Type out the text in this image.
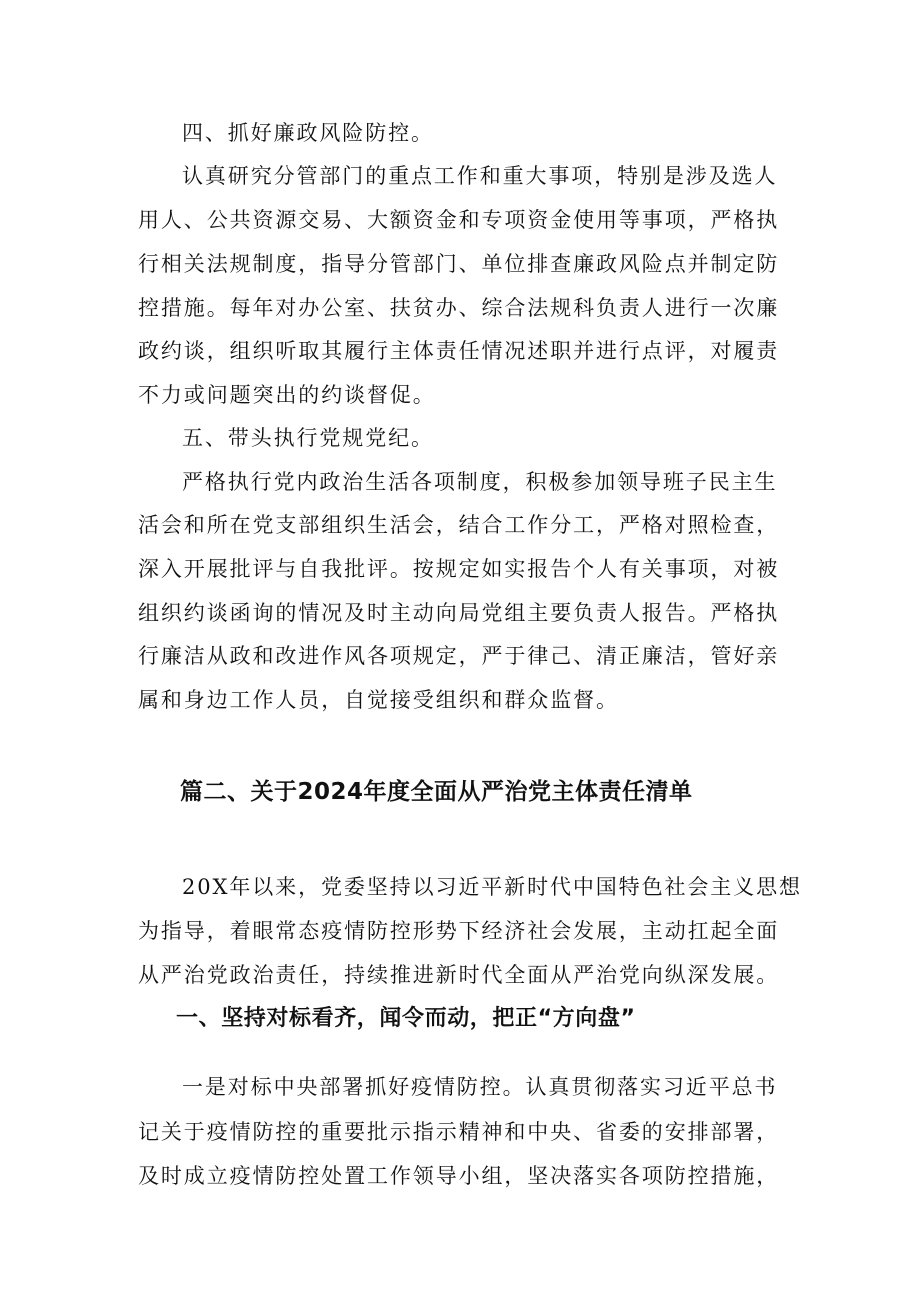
四、抓好廉政风险防控。
认真研究分管部门的重点工作和重大事项，特别是涉及选人
用人、公共资源交易、大额资金和专项资金使用等事项，严格执
行相关法规制度，指导分管部门、单位排查廉政风险点并制定防
控措施。每年对办公室、扶贫办、综合法规科负责人进行一次廉
政约谈，组织听取其履行主体责任情况述职并进行点评，对履责
不力或问题突出的约谈督促。
五、带头执行党规党纪。
严格执行党内政治生活各项制度，积极参加领导班子民主生
活会和所在党支部组织生活会，结合工作分工，严格对照检查，
深入开展批评与自我批评。按规定如实报告个人有关事项，对被
组织约谈函询的情况及时主动向局党组主要负责人报告。严格执
行廉洁从政和改进作风各项规定，严于律己、清正廉洁，管好亲
属和身边工作人员，自觉接受组织和群众监督。
篇二、关于2024年度全面从严治党主体责任清单
20X年以来，党委坚持以习近平新时代中国特色社会主义思想
为指导，着眼常态疫情防控形势下经济社会发展，主动扛起全面
从严治党政治责任，持续推进新时代全面从严治党向纵深发展。
一、坚持对标看齐，闻令而动，把正“方向盘”
一是对标中央部署抓好疫情防控。认真贯彻落实习近平总书
记关于疫情防控的重要批示指示精神和中央、省委的安排部署，
及时成立疫情防控处置工作领导小组，坚决落实各项防控措施，
